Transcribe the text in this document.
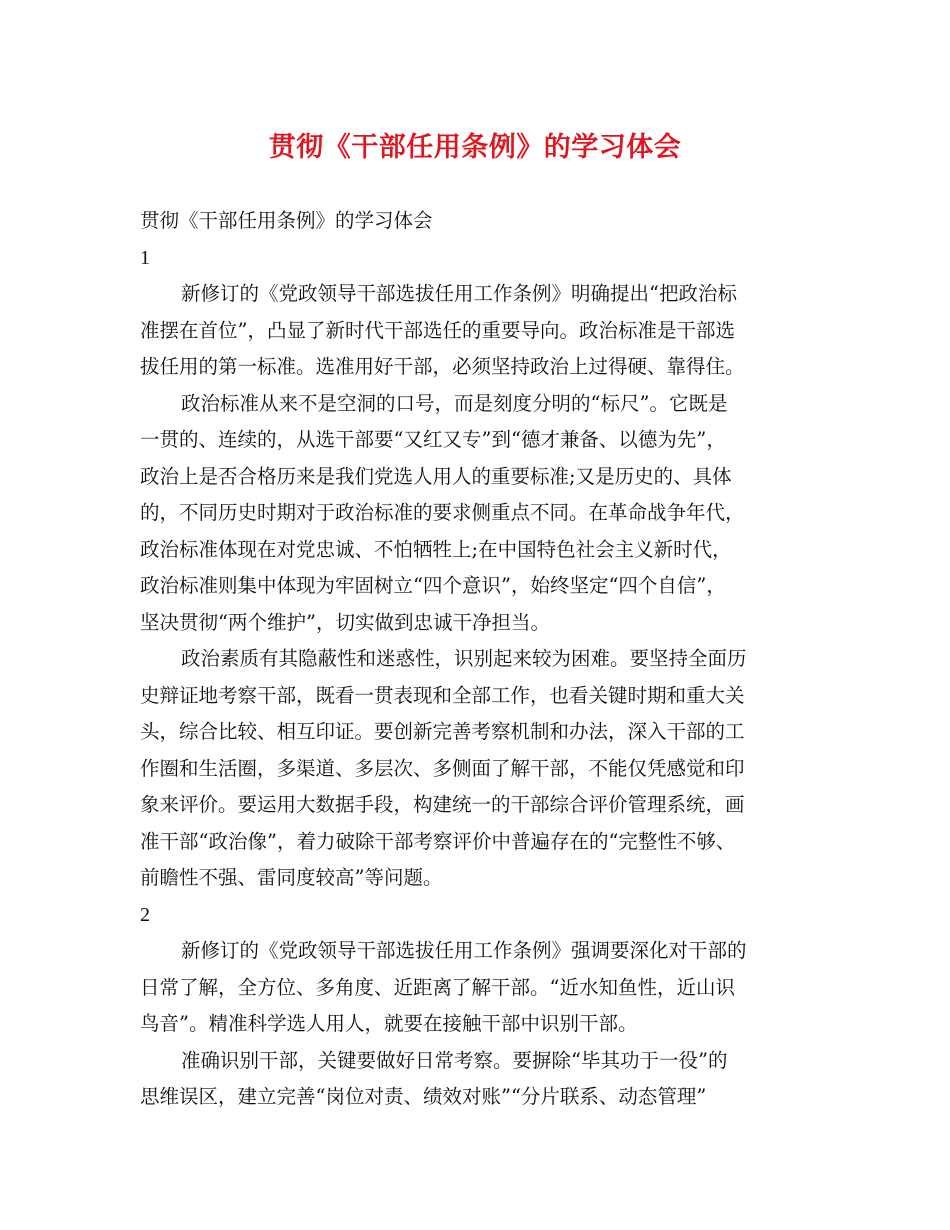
贯彻《干部任用条例》的学习体会

贯彻《干部任用条例》的学习体会

1

新修订的《党政领导干部选拔任用工作条例》明确提出“把政治标

准摆在首位”，凸显了新时代干部选任的重要导向。政治标准是干部选

拔任用的第一标准。选准用好干部，必须坚持政治上过得硬、靠得住。

政治标准从来不是空洞的口号，而是刻度分明的“标尺”。它既是

一贯的、连续的，从选干部要“又红又专”到“德才兼备、以德为先”，

政治上是否合格历来是我们党选人用人的重要标准;又是历史的、具体

的，不同历史时期对于政治标准的要求侧重点不同。在革命战争年代，

政治标准体现在对党忠诚、不怕牺牲上;在中国特色社会主义新时代，

政治标准则集中体现为牢固树立“四个意识”，始终坚定“四个自信”，

坚决贯彻“两个维护”，切实做到忠诚干净担当。

政治素质有其隐蔽性和迷惑性，识别起来较为困难。要坚持全面历

史辩证地考察干部，既看一贯表现和全部工作，也看关键时期和重大关

头，综合比较、相互印证。要创新完善考察机制和办法，深入干部的工

作圈和生活圈，多渠道、多层次、多侧面了解干部，不能仅凭感觉和印

象来评价。要运用大数据手段，构建统一的干部综合评价管理系统，画

准干部“政治像”，着力破除干部考察评价中普遍存在的“完整性不够、

前瞻性不强、雷同度较高”等问题。

2

新修订的《党政领导干部选拔任用工作条例》强调要深化对干部的

日常了解，全方位、多角度、近距离了解干部。“近水知鱼性，近山识

鸟音”。精准科学选人用人，就要在接触干部中识别干部。

准确识别干部，关键要做好日常考察。要摒除“毕其功于一役”的

思维误区，建立完善“岗位对责、绩效对账”“分片联系、动态管理”
